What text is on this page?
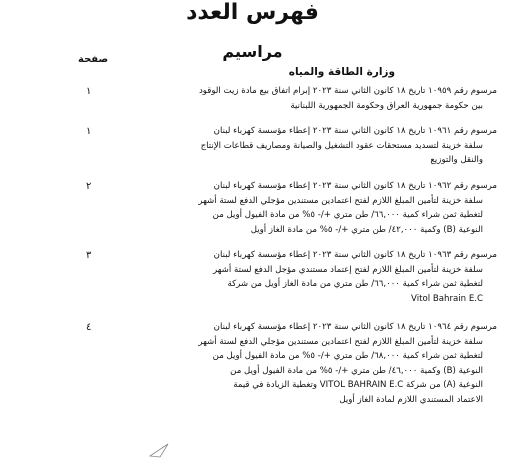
فهرس العدد
صفحة	مراسيم
وزارة الطاقة والمياه
١	مرسوم رقم ١٠٩٥٩ تاريخ ١٨ كانون الثاني سنة ٢٠٢٣ إبرام اتفاق بيع مادة زيت الوقود
بين حكومة جمهورية العراق وحكومة الجمهورية اللبنانية
١	مرسوم رقم ١٠٩٦١ تاريخ ١٨ كانون الثاني سنة ٢٠٢٣ إعطاء مؤسسة كهرباء لبنان
سلفة خزينة لتسديد مستحقات عقود التشغيل والصيانة ومصاريف قطاعات الإنتاج
والنقل والتوزيع
٢	مرسوم رقم ١٠٩٦٢ تاريخ ١٨ كانون الثاني سنة ٢٠٢٣ إعطاء مؤسسة كهرباء لبنان
سلفة خزينة لتأمين المبلغ اللازم لفتح اعتمادين مستندين مؤجلي الدفع لستة أشهر
لتغطية ثمن شراء كمية ٦٦,٠٠٠/ طن متري +/- ٥% من مادة الفيول أويل من
النوعية (B) وكمية ٤٢,٠٠٠/ طن متري +/- ٥% من مادة الغاز أويل
٣	مرسوم رقم ١٠٩٦٣ تاريخ ١٨ كانون الثاني سنة ٢٠٢٣ إعطاء مؤسسة كهرباء لبنان
سلفة خزينة لتأمين المبلغ اللازم لفتح إعتماد مستندي مؤجل الدفع لستة أشهر
لتغطية ثمن شراء كمية ٦٦,٠٠٠/ طن متري من مادة الغاز أويل من شركة
Vitol Bahrain E.C
٤	مرسوم رقم ١٠٩٦٤ تاريخ ١٨ كانون الثاني سنة ٢٠٢٣ إعطاء مؤسسة كهرباء لبنان
سلفة خزينة لتأمين المبلغ اللازم لفتح اعتمادين مستندين مؤجلي الدفع لستة أشهر
لتغطية ثمن شراء كمية ٦٨,٠٠٠/ طن متري +/- ٥% من مادة الفيول أويل من
النوعية (B) وكمية ٤٦,٠٠٠/ طن متري +/- ٥% من مادة الفيول أويل من
النوعية (A) من شركة VITOL BAHRAIN E.C وتغطية الزيادة في قيمة
الاعتماد المستندي اللازم لمادة الغاز أويل
